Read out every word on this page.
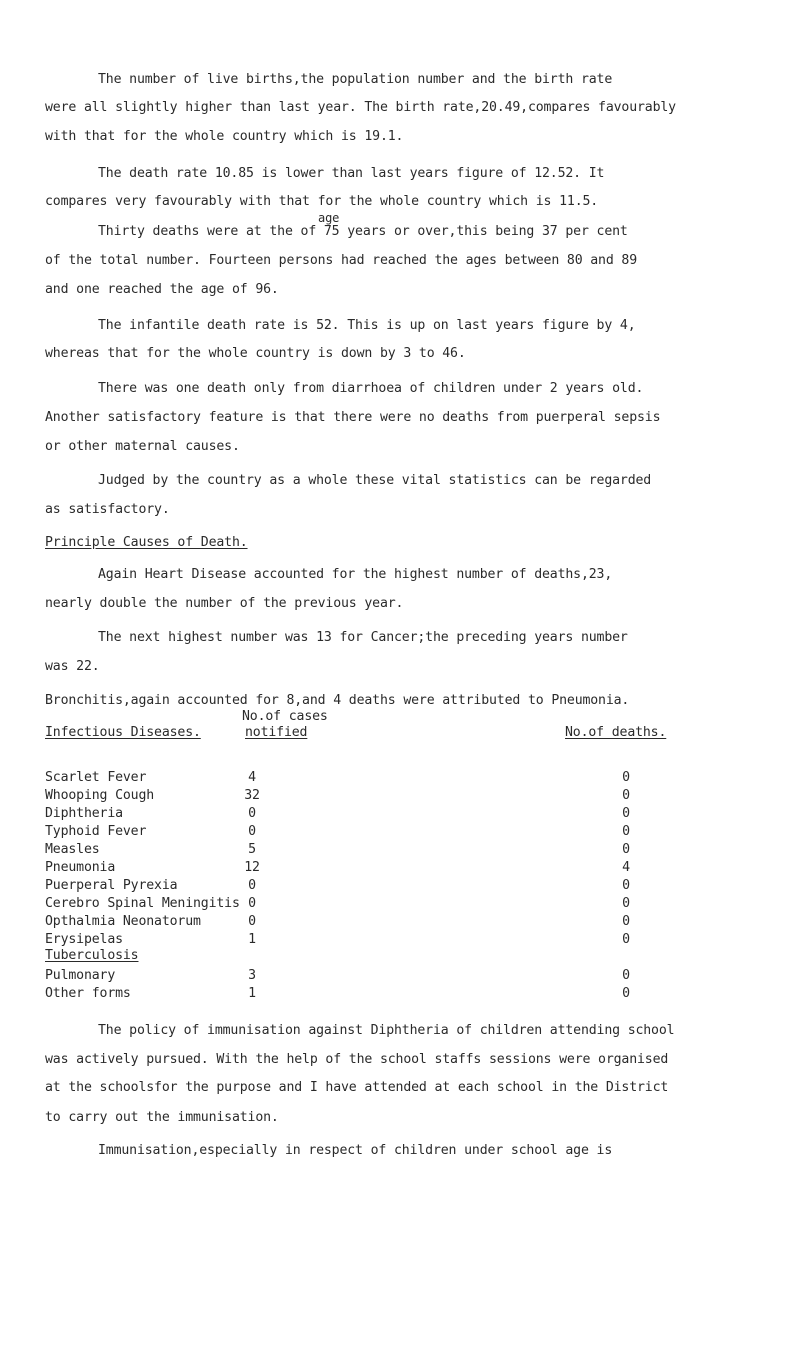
The number of live births,the population number and the birth rate

were all slightly higher than last year. The birth rate,20.49,compares favourably

with that for the whole country which is 19.1.

The death rate 10.85 is lower than last years figure of 12.52. It

compares very favourably with that for the whole country which is 11.5.

age

Thirty deaths were at the of 75 years or over,this being 37 per cent

of the total number. Fourteen persons had reached the ages between 80 and 89

and one reached the age of 96.

The infantile death rate is 52. This is up on last years figure by 4,

whereas that for the whole country is down by 3 to 46.

There was one death only from diarrhoea of children under 2 years old.

Another satisfactory feature is that there were no deaths from puerperal sepsis

or other maternal causes.

Judged by the country as a whole these vital statistics can be regarded

as satisfactory.

Principle Causes of Death.

Again Heart Disease accounted for the highest number of deaths,23,

nearly double the number of the previous year.

The next highest number was 13 for Cancer;the preceding years number

was 22.

Bronchitis,again accounted for 8,and 4 deaths were attributed to Pneumonia.

No.of cases

Infectious Diseases.	notified	No.of deaths.

Scarlet Fever	4	0
Whooping Cough	32	0
Diphtheria	0	0
Typhoid Fever	0	0
Measles	5	0
Pneumonia	12	4
Puerperal Pyrexia	0	0
Cerebro Spinal Meningitis 0	0
Opthalmia Neonatorum	0	0
Erysipelas	1	0
Tuberculosis
Pulmonary	3	0
Other forms	1	0

The policy of immunisation against Diphtheria of children attending school

was actively pursued. With the help of the school staffs sessions were organised

at the schoolsfor the purpose and I have attended at each school in the District

to carry out the immunisation.

Immunisation,especially in respect of children under school age is
